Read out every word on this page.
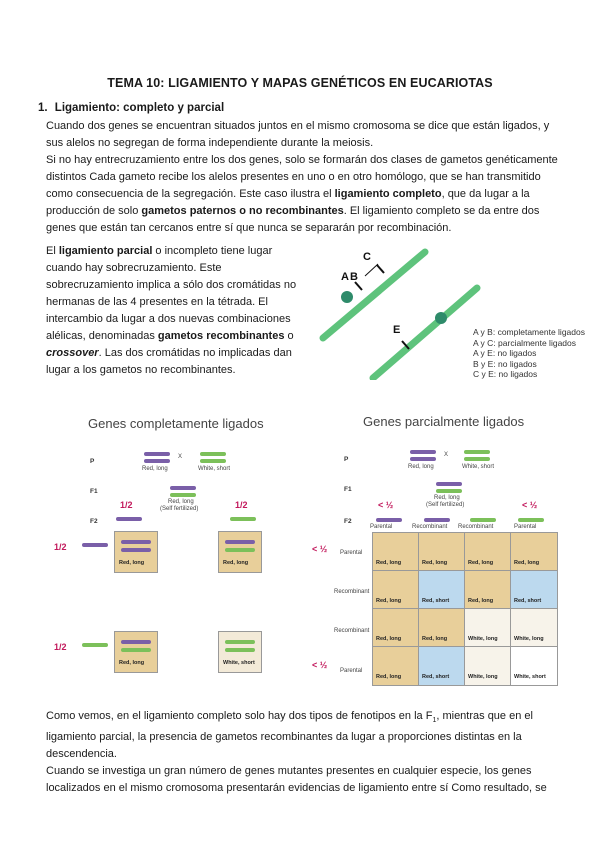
TEMA 10: LIGAMIENTO Y MAPAS GENÉTICOS EN EUCARIOTAS
1. Ligamiento: completo y parcial
Cuando dos genes se encuentran situados juntos en el mismo cromosoma se dice que están ligados, y
sus alelos no segregan de forma independiente durante la meiosis.
Si no hay entrecruzamiento entre los dos genes, solo se formarán dos clases de gametos genéticamente
distintos Cada gameto recibe los alelos presentes en uno o en otro homólogo, que se han transmitido
como consecuencia de la segregación. Este caso ilustra el ligamiento completo, que da lugar a la
producción de solo gametos paternos o no recombinantes. El ligamiento completo se da entre dos
genes que están tan cercanos entre sí que nunca se separarán por recombinación.
El ligamiento parcial o incompleto tiene lugar
cuando hay sobrecruzamiento. Este
sobrecruzamiento implica a sólo dos cromátidas no
hermanas de las 4 presentes en la tétrada. El
intercambio da lugar a dos nuevas combinaciones
alélicas, denominadas gametos recombinantes o
crossover. Las dos cromátidas no implicadas dan
lugar a los gametos no recombinantes.
A B
C
E	A y B: completamente ligados
A y C: parcialmente ligados
A y E: no ligados
B y E: no ligados
C y E: no ligados
Genes completamente ligados
P
Red, long
X
White, short
F1
Red, long
(Self fertilized)
1/2	1/2
F2
1/2
Red, long	Red, long
1/2
Red, long	White, short
Genes parcialmente ligados
P
Red, long
X
White, short
F1
Red, long
(Self fertilized)
< ½	< ½
F2
Parental	Recombinant Recombinant	Parental
< ½ Parental
Recombinant
Recombinant
< ½
Parental
Red, long	Red, long	Red, long	Red, long
Red, long	Red, short	Red, long	Red, short
Red, long	Red, long	White, long	White, long
Red, long	Red, short	White, long	White, short
Como vemos, en el ligamiento completo solo hay dos tipos de fenotipos en la $F_1$, mientras que en el
ligamiento parcial, la presencia de gametos recombinantes da lugar a proporciones distintas en la
descendencia.
Cuando se investiga un gran número de genes mutantes presentes en cualquier especie, los genes
localizados en el mismo cromosoma presentarán evidencias de ligamiento entre sí Como resultado, se
